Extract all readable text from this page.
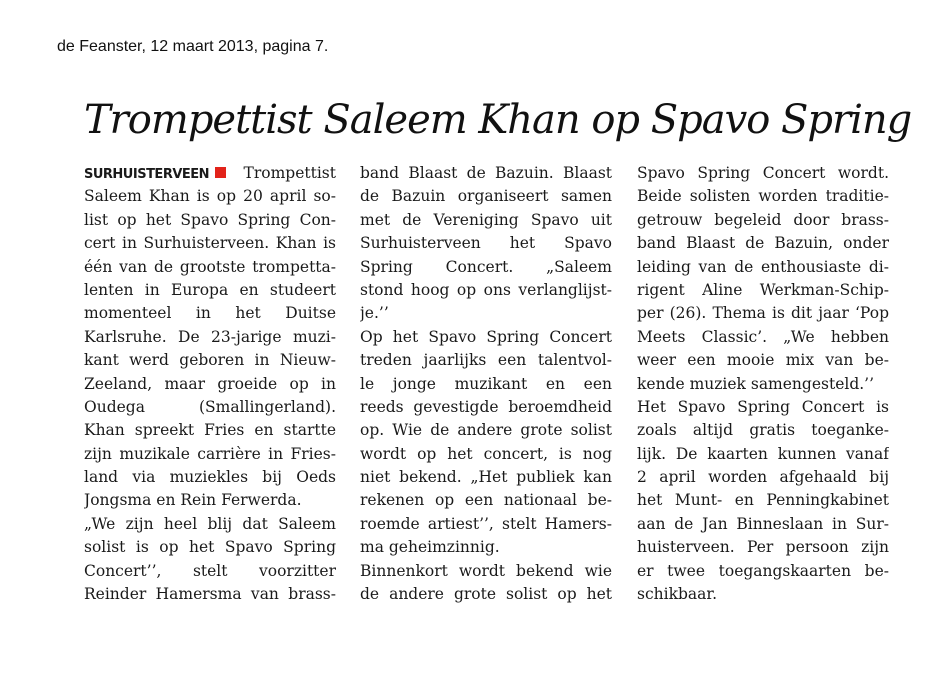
de Feanster, 12 maart 2013, pagina 7.
Trompettist Saleem Khan op Spavo Spring
SURHUISTERVEEN	Trompettist
Saleem Khan is op 20 april so-
list op het Spavo Spring Con-
cert in Surhuisterveen. Khan is
één van de grootste trompetta-
lenten in Europa en studeert
momenteel in het Duitse
Karlsruhe. De 23-jarige muzi-
kant werd geboren in Nieuw-
Zeeland, maar groeide op in
Oudega (Smallingerland).
Khan spreekt Fries en startte
zijn muzikale carrière in Fries-
land via muziekles bij Oeds
Jongsma en Rein Ferwerda.
„We zijn heel blij dat Saleem
solist is op het Spavo Spring
Concert’’, stelt voorzitter
Reinder Hamersma van brass-
band Blaast de Bazuin. Blaast
de Bazuin organiseert samen
met de Vereniging Spavo uit
Surhuisterveen het Spavo
Spring Concert. „Saleem
stond hoog op ons verlanglijst-
je.’’
Op het Spavo Spring Concert
treden jaarlijks een talentvol-
le jonge muzikant en een
reeds gevestigde beroemdheid
op. Wie de andere grote solist
wordt op het concert, is nog
niet bekend. „Het publiek kan
rekenen op een nationaal be-
roemde artiest’’, stelt Hamers-
ma geheimzinnig.
Binnenkort wordt bekend wie
de andere grote solist op het
Spavo Spring Concert wordt.
Beide solisten worden traditie-
getrouw begeleid door brass-
band Blaast de Bazuin, onder
leiding van de enthousiaste di-
rigent Aline Werkman-Schip-
per (26). Thema is dit jaar ‘Pop
Meets Classic’. „We hebben
weer een mooie mix van be-
kende muziek samengesteld.’’
Het Spavo Spring Concert is
zoals altijd gratis toeganke-
lijk. De kaarten kunnen vanaf
2 april worden afgehaald bij
het Munt- en Penningkabinet
aan de Jan Binneslaan in Sur-
huisterveen. Per persoon zijn
er twee toegangskaarten be-
schikbaar.
